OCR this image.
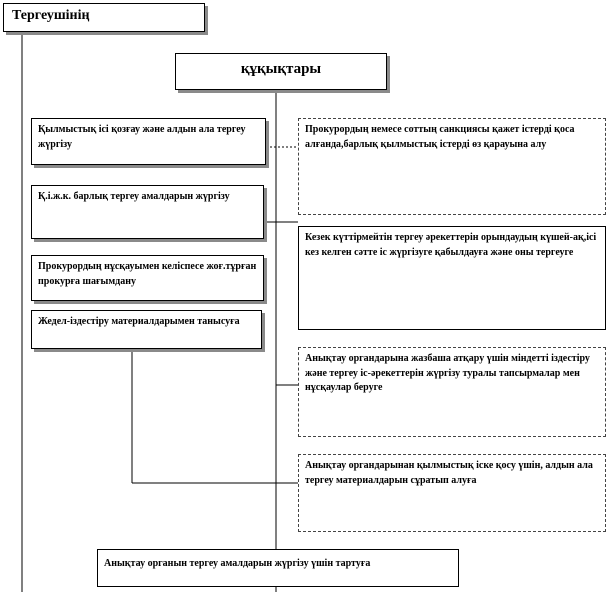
Тергеушінің
құқықтары
Қылмыстық ісі қозғау және алдын ала тергеу жүргізу
Қ.і.ж.к. барлық тергеу амалдарын жүргізу
Прокурордың нұсқауымен келіспесе жоғ.тұрған прокурға шағымдану
Жедел-іздестіру материалдарымен танысуға
Прокурордың немесе соттың санкциясы қажет істерді қоса алғанда,барлық қылмыстық істерді өз қарауына алу
Кезек күттірмейтін тергеу әрекеттерін орындаудың күшей-ақ,ісі кез келген сәтте іс жүргізуге қабылдауға және оны тергеуге
Анықтау органдарына жазбаша атқару үшін міндетті іздестіру және тергеу іс-әрекеттерін жүргізу туралы тапсырмалар мен нұсқаулар беруге
Анықтау органдарынан қылмыстық іске қосу үшін, алдын ала тергеу материалдарын сұратып алуға
Анықтау органын тергеу амалдарын жүргізу үшін тартуға
